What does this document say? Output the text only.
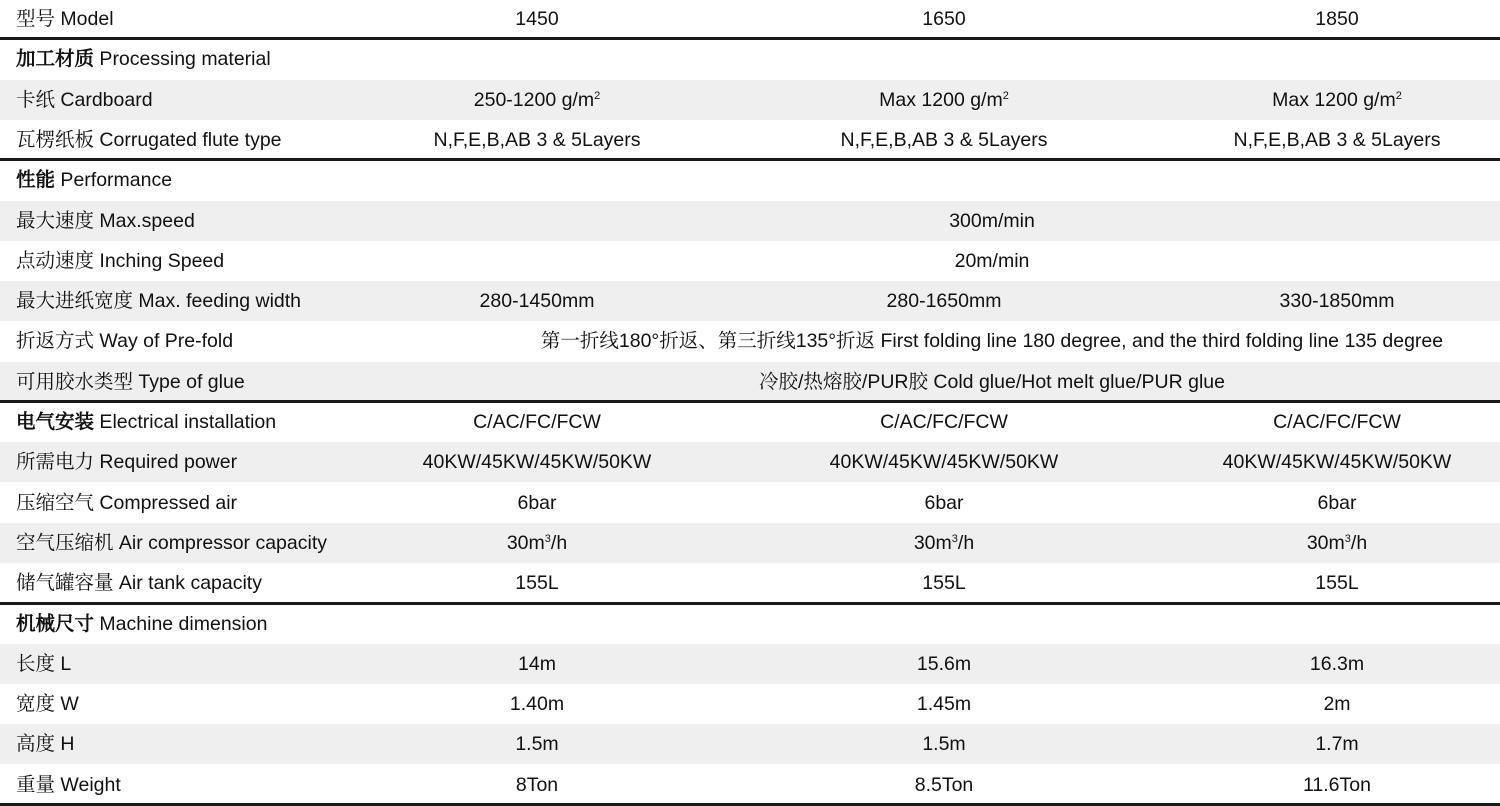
型号 Model	1450	1650	1850
加工材质 Processing material
卡纸 Cardboard	250-1200 $g/m^2$	Max 1200 $g/m^2$	Max 1200 $g/m^2$
瓦楞纸板 Corrugated flute type	N,F,E,B,AB 3 & 5Layers	N,F,E,B,AB 3 & 5Layers	N,F,E,B,AB 3 & 5Layers
性能 Performance
最大速度 Max.speed	300m/min
点动速度 Inching Speed	20m/min
最大进纸宽度 Max. feeding width	280-1450mm	280-1650mm	330-1850mm
折返方式 Way of Pre-fold	第一折线180°折返、第三折线135°折返 First folding line 180 degree, and the third folding line 135 degree
可用胶水类型 Type of glue	冷胶/热熔胶/PUR胶 Cold glue/Hot melt glue/PUR glue
电气安装 Electrical installation	C/AC/FC/FCW	C/AC/FC/FCW	C/AC/FC/FCW
所需电力 Required power	40KW/45KW/45KW/50KW	40KW/45KW/45KW/50KW	40KW/45KW/45KW/50KW
压缩空气 Compressed air	6bar	6bar	6bar
空气压缩机 Air compressor capacity	$30m^3/h$	$30m^3/h$	$30m^3/h$
储气罐容量 Air tank capacity	155L	155L	155L
机械尺寸 Machine dimension
长度 L	14m	15.6m	16.3m
宽度 W	1.40m	1.45m	2m
高度 H	1.5m	1.5m	1.7m
重量 Weight	8Ton	8.5Ton	11.6Ton
